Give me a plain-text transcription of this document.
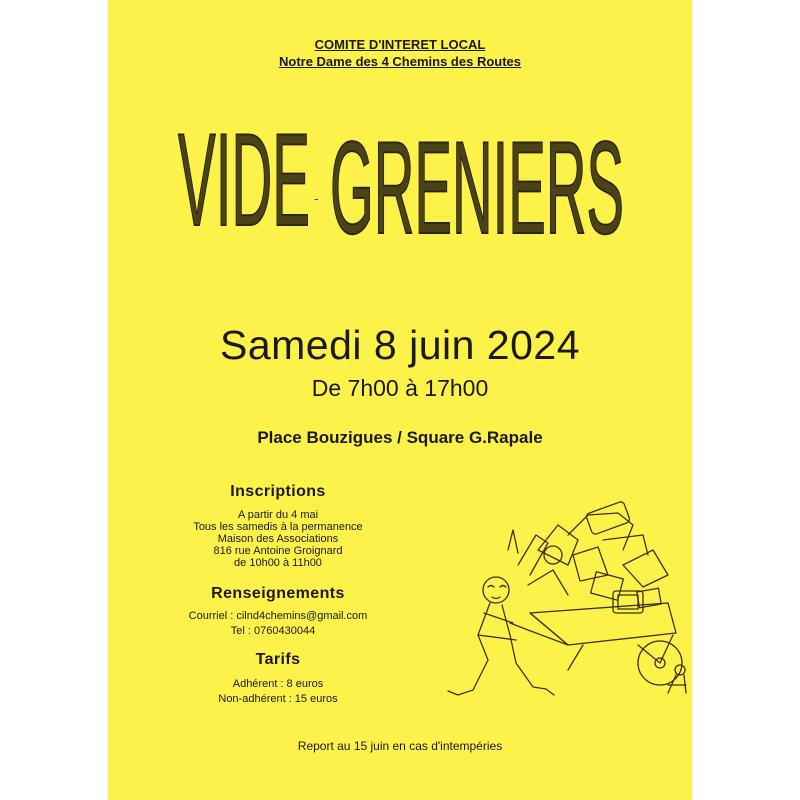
COMITE D'INTERET LOCAL
Notre Dame des 4 Chemins des Routes
VIDE - GRENIERS
Samedi 8 juin 2024
De 7h00 à 17h00
Place Bouzigues / Square G.Rapale
Inscriptions
A partir du 4 mai
Tous les samedis à la permanence
Maison des Associations
816 rue Antoine Groignard
de 10h00 à 11h00
Renseignements
Courriel : cilnd4chemins@gmail.com
Tel : 0760430044
Tarifs
Adhérent : 8 euros
Non-adhérent : 15 euros
Report au 15 juin en cas d'intempéries
